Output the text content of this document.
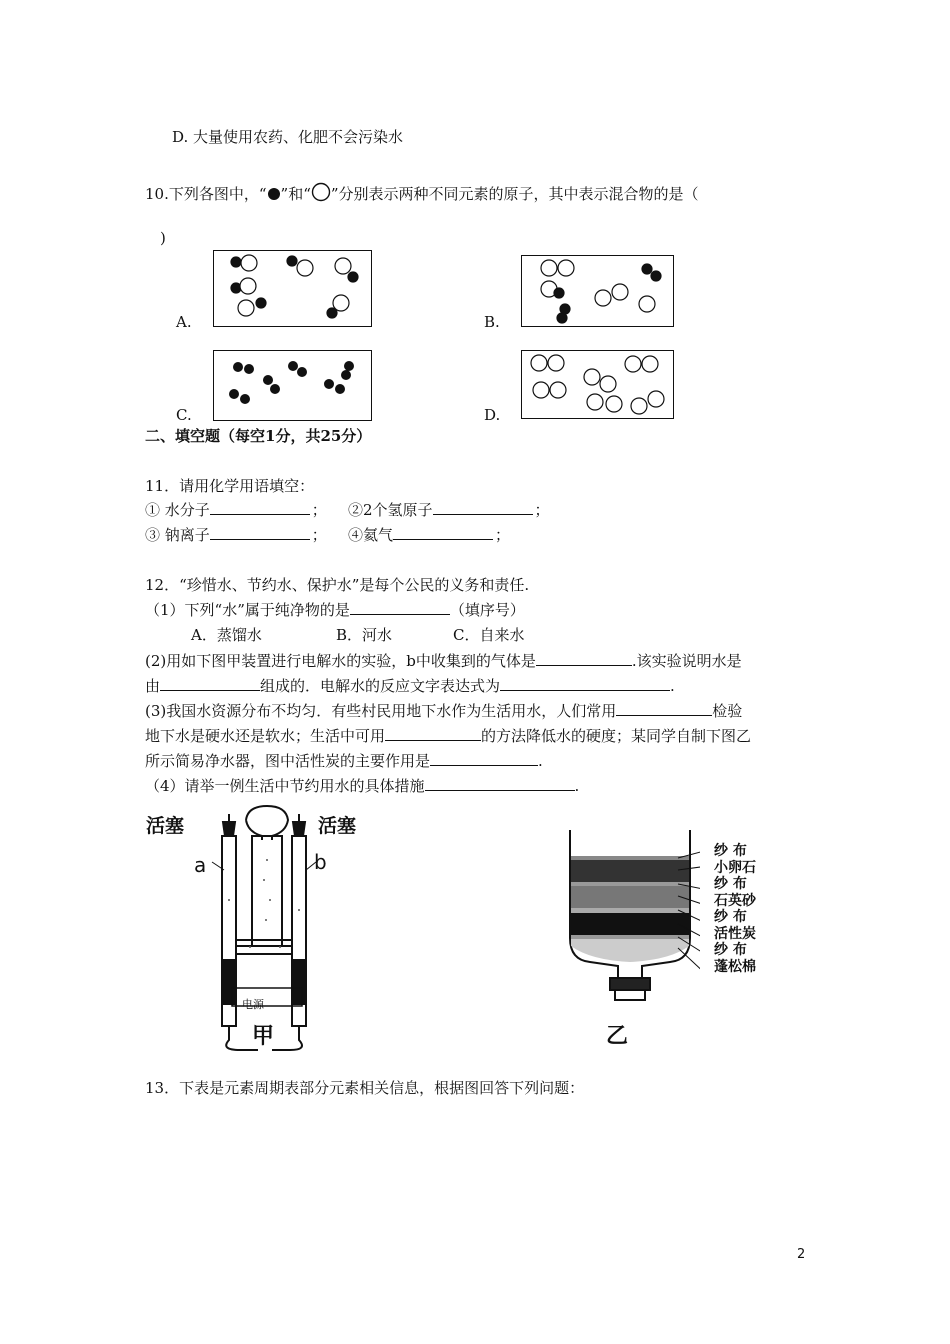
D. 大量使用农药、化肥不会污染水
10.下列各图中，“ ”和“ ”分别表示两种不同元素的原子，其中表示混合物的是（
)
A.	B.
C.	D.
二、填空题（每空1分，共25分）
11．请用化学用语填空：
① 水分子	； ②2个氢原子	；
③ 钠离子	； ④氦气	；
12．“珍惜水、节约水、保护水”是每个公民的义务和责任.
（1）下列“水”属于纯净物的是	（填序号）
A．蒸馏水	B．河水	C．自来水
(2)用如下图甲装置进行电解水的实验，b中收集到的气体是	.该实验说明水是
由	组成的．电解水的反应文字表达式为	.
(3)我国水资源分布不均匀．有些村民用地下水作为生活用水，人们常用	检验
地下水是硬水还是软水；生活中可用	的方法降低水的硬度；某同学自制下图乙
所示简易净水器，图中活性炭的主要作用是	.
（4）请举一例生活中节约用水的具体措施	.
活塞	活塞
a	b
电源
甲
纱 布
小卵石
纱 布
石英砂
纱 布
活性炭
纱 布
蓬松棉
乙
13．下表是元素周期表部分元素相关信息，根据图回答下列问题：
2
